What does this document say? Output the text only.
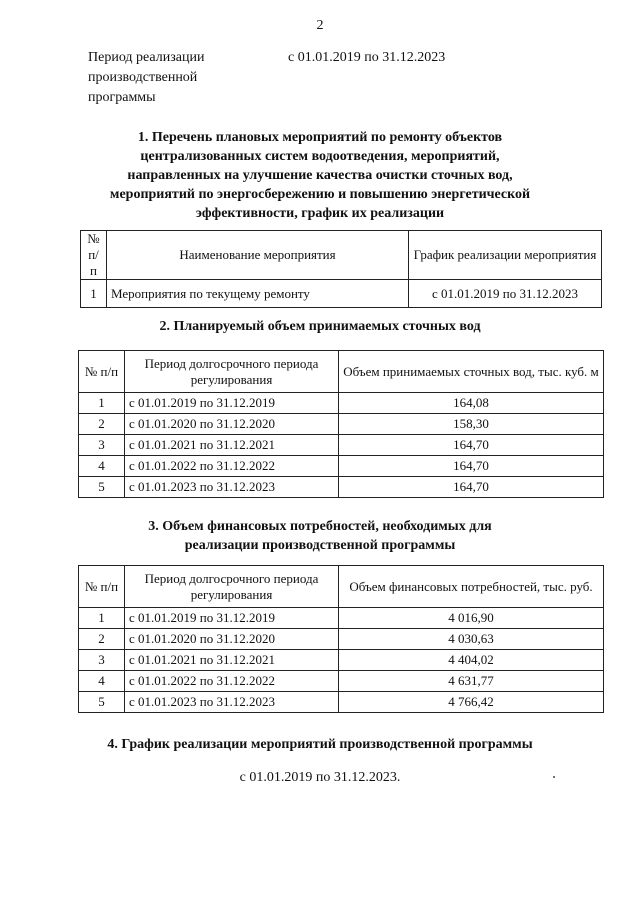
2
Период реализации
производственной
программы
с 01.01.2019 по 31.12.2023
1. Перечень плановых мероприятий по ремонту объектов
централизованных систем водоотведения, мероприятий,
направленных на улучшение качества очистки сточных вод,
мероприятий по энергосбережению и повышению энергетической
эффективности, график их реализации
№ п/п	Наименование мероприятия	График реализации мероприятия
1	Мероприятия по текущему ремонту	с 01.01.2019 по 31.12.2023
2. Планируемый объем принимаемых сточных вод
№ п/п	Период долгосрочного периода регулирования	Объем принимаемых сточных вод, тыс. куб. м
1	с 01.01.2019 по 31.12.2019	164,08
2	с 01.01.2020 по 31.12.2020	158,30
3	с 01.01.2021 по 31.12.2021	164,70
4	с 01.01.2022 по 31.12.2022	164,70
5	с 01.01.2023 по 31.12.2023	164,70
3. Объем финансовых потребностей, необходимых для
реализации производственной программы
№ п/п	Период долгосрочного периода регулирования	Объем финансовых потребностей, тыс. руб.
1	с 01.01.2019 по 31.12.2019	4 016,90
2	с 01.01.2020 по 31.12.2020	4 030,63
3	с 01.01.2021 по 31.12.2021	4 404,02
4	с 01.01.2022 по 31.12.2022	4 631,77
5	с 01.01.2023 по 31.12.2023	4 766,42
4. График реализации мероприятий производственной программы
с 01.01.2019 по 31.12.2023.
